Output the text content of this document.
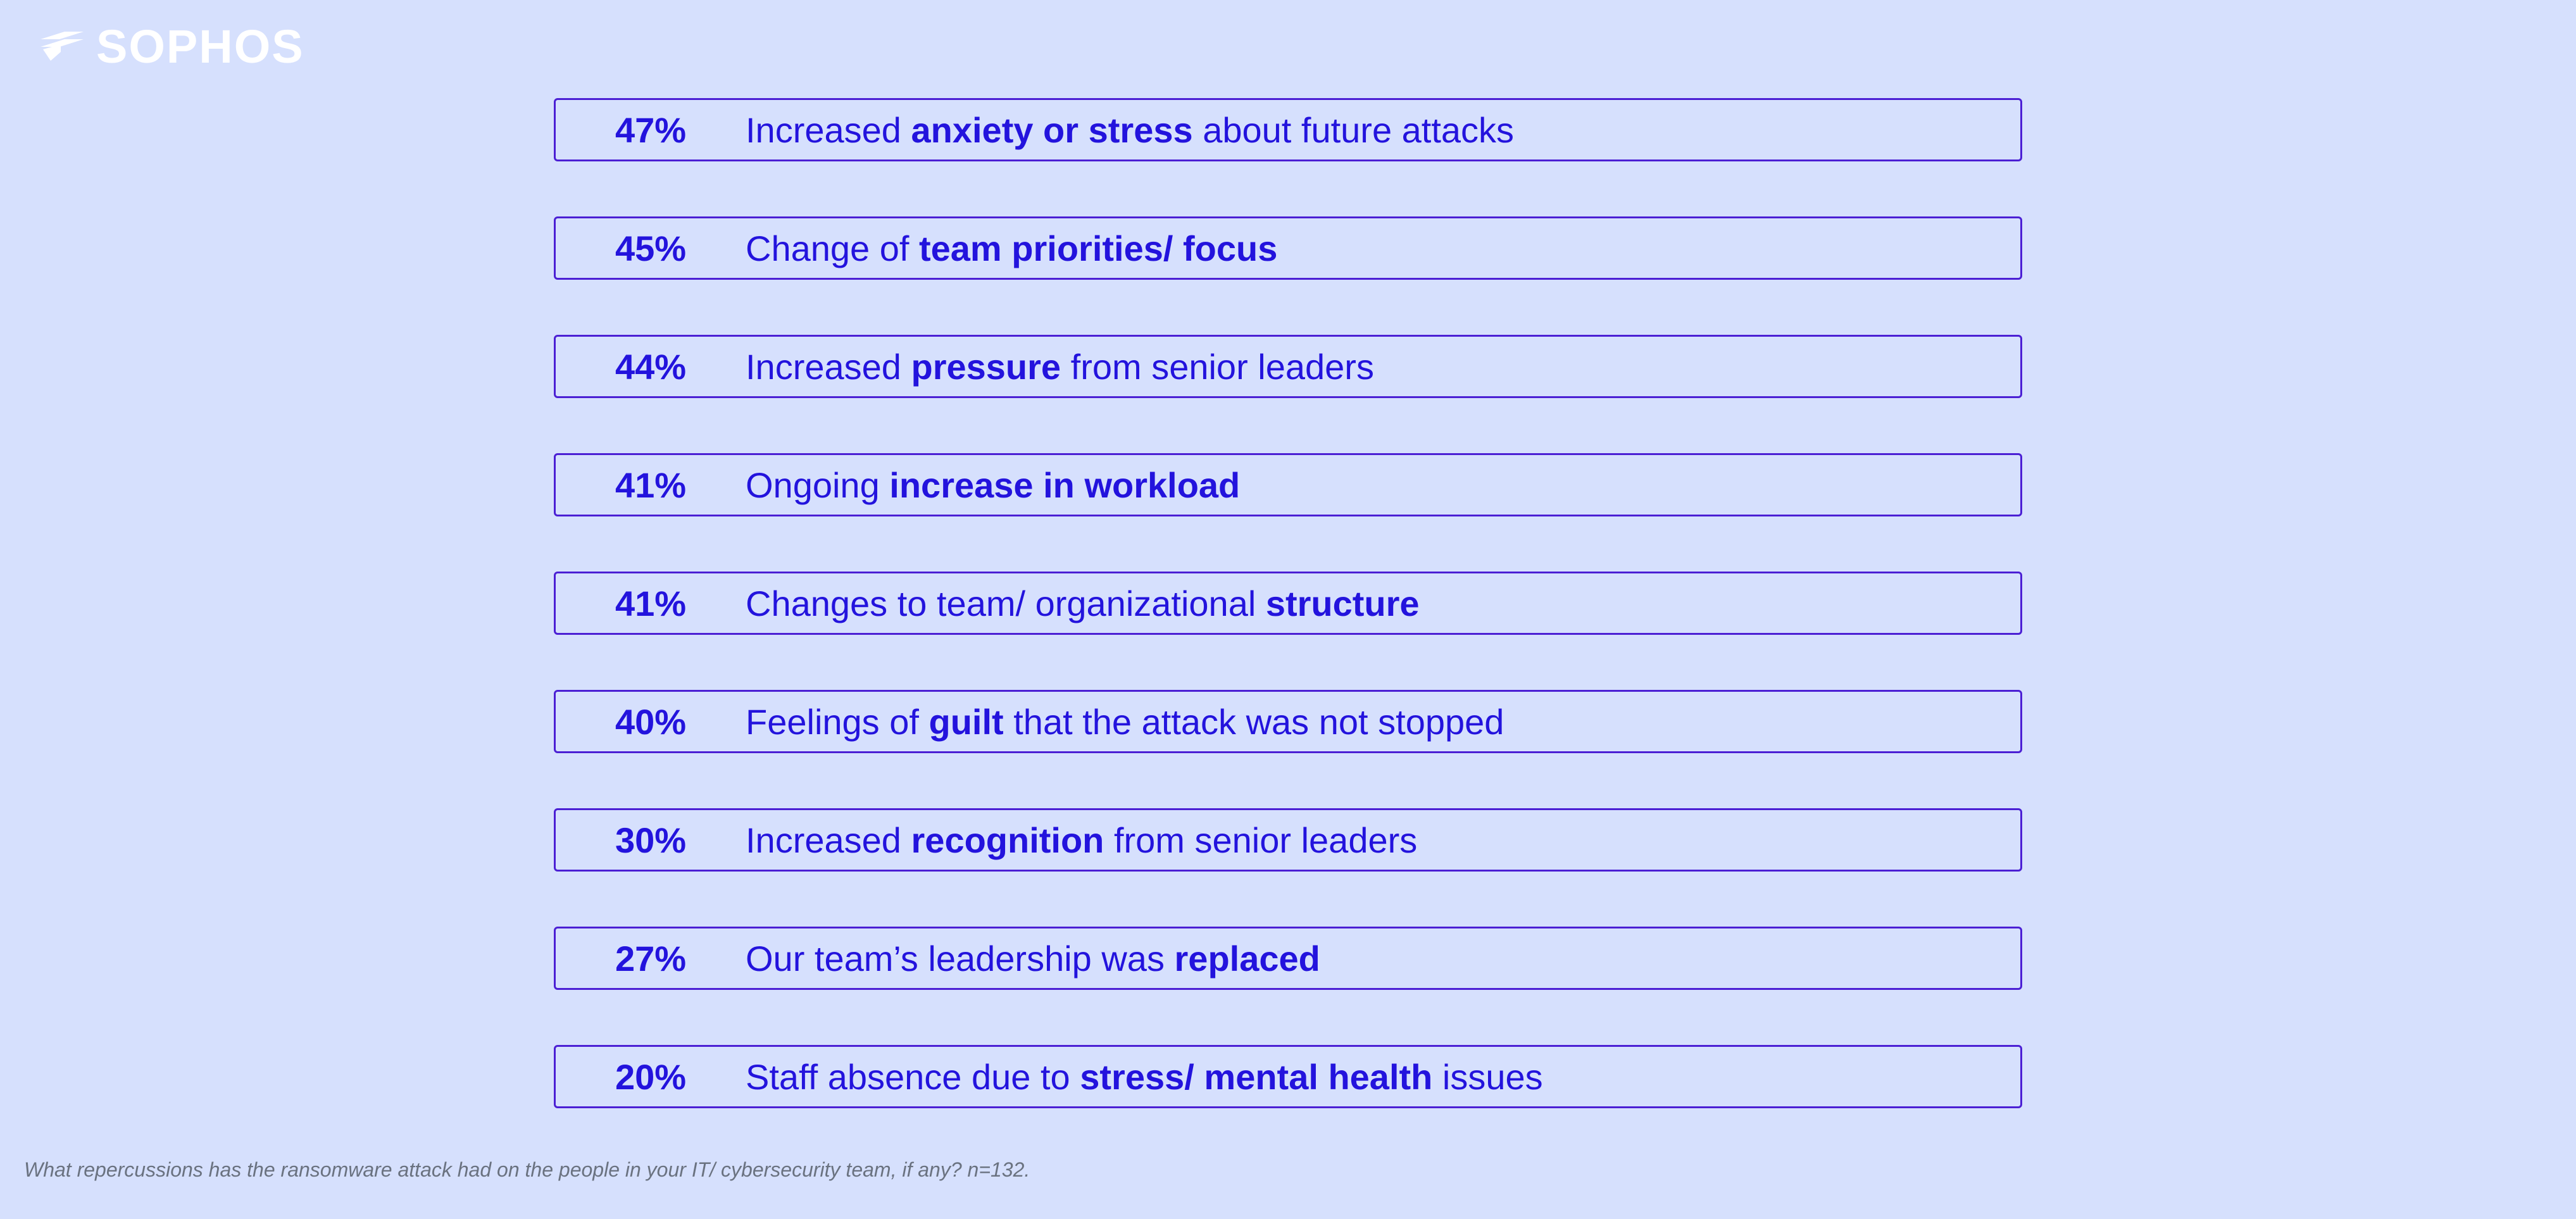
SOPHOS
47%	Increased anxiety or stress about future attacks
45%	Change of team priorities/ focus
44%	Increased pressure from senior leaders
41%	Ongoing increase in workload
41%	Changes to team/ organizational structure
40%	Feelings of guilt that the attack was not stopped
30%	Increased recognition from senior leaders
27%	Our team’s leadership was replaced
20%	Staff absence due to stress/ mental health issues
What repercussions has the ransomware attack had on the people in your IT/ cybersecurity team, if any? n=132.
